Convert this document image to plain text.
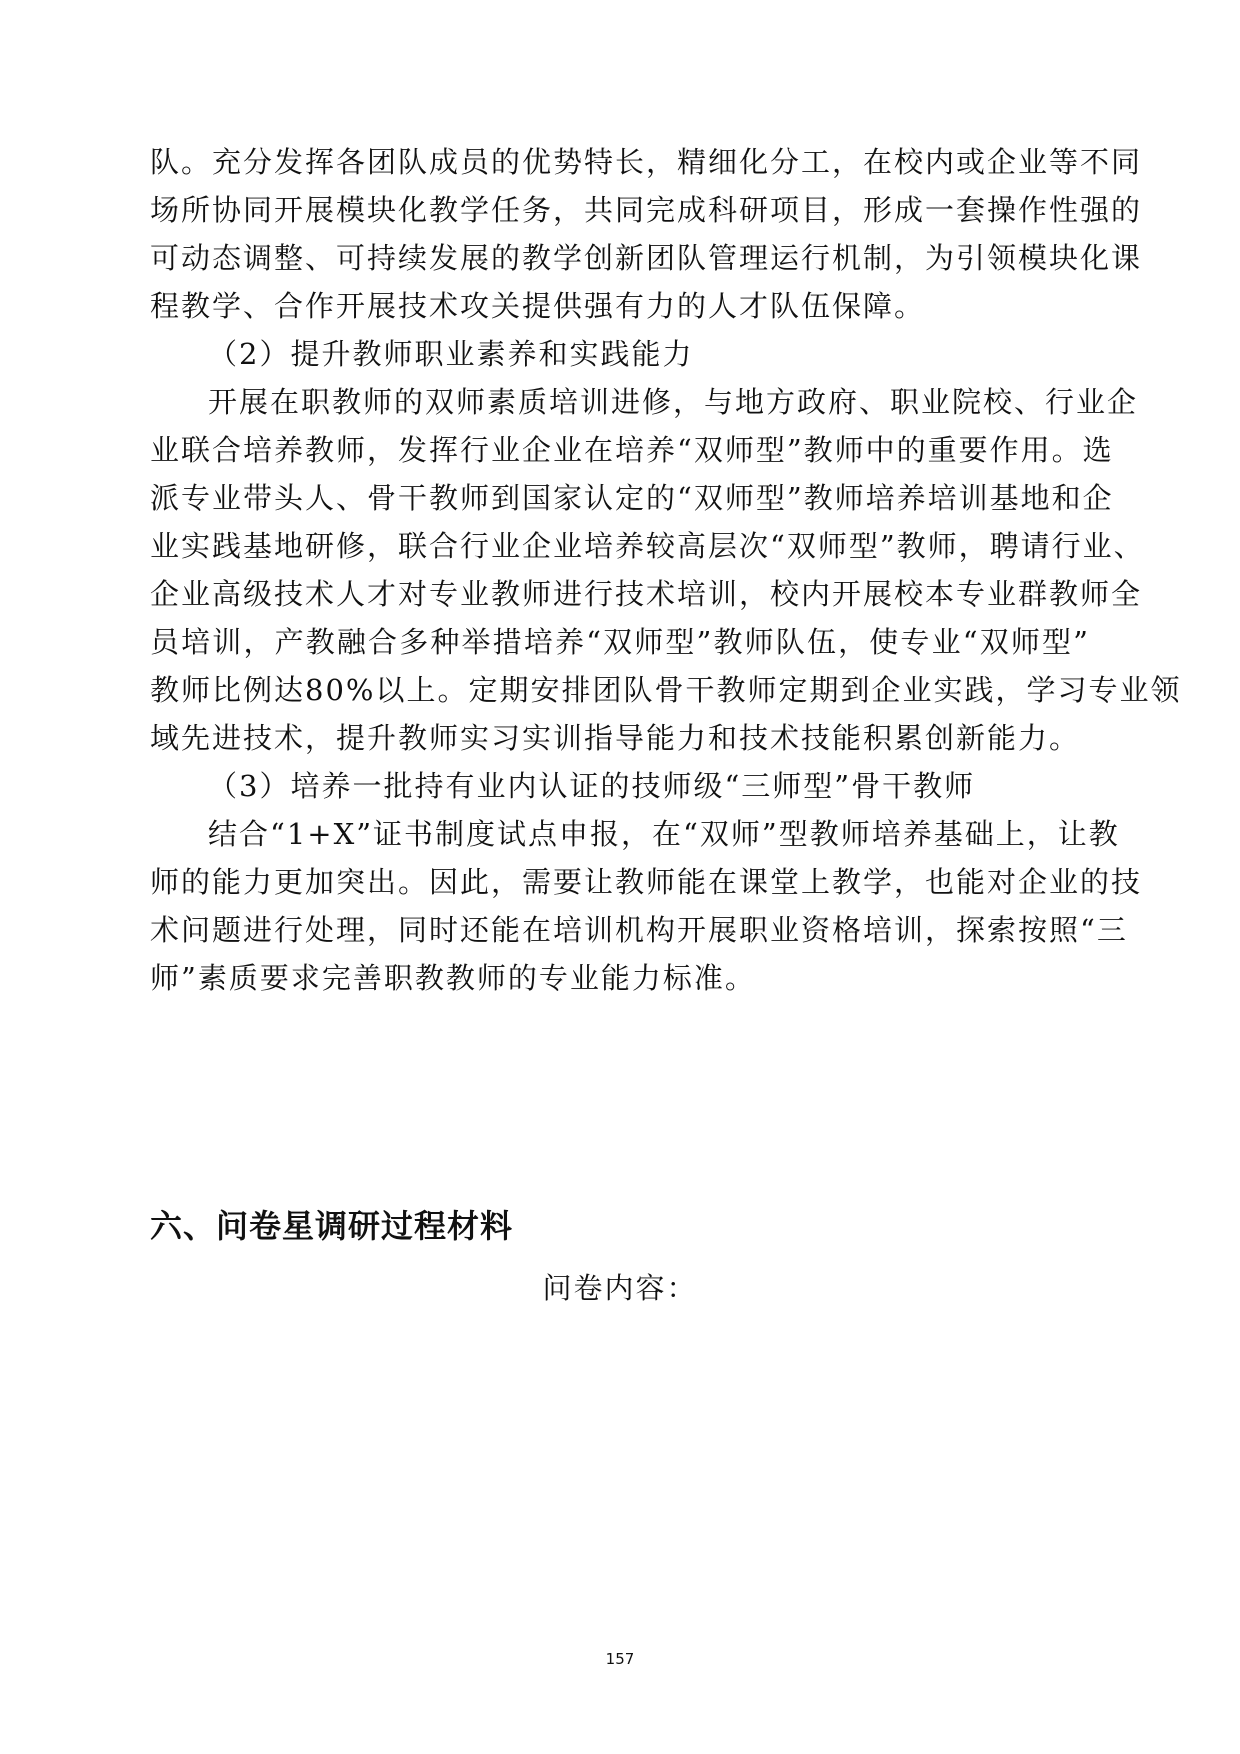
队。充分发挥各团队成员的优势特长，精细化分工，在校内或企业等不同
场所协同开展模块化教学任务，共同完成科研项目，形成一套操作性强的
可动态调整、可持续发展的教学创新团队管理运行机制，为引领模块化课
程教学、合作开展技术攻关提供强有力的人才队伍保障。
（2）提升教师职业素养和实践能力
开展在职教师的双师素质培训进修，与地方政府、职业院校、行业企
业联合培养教师，发挥行业企业在培养“双师型”教师中的重要作用。选
派专业带头人、骨干教师到国家认定的“双师型”教师培养培训基地和企
业实践基地研修，联合行业企业培养较高层次“双师型”教师，聘请行业、
企业高级技术人才对专业教师进行技术培训，校内开展校本专业群教师全
员培训，产教融合多种举措培养“双师型”教师队伍，使专业“双师型”
教师比例达80%以上。定期安排团队骨干教师定期到企业实践，学习专业领
域先进技术，提升教师实习实训指导能力和技术技能积累创新能力。
（3）培养一批持有业内认证的技师级“三师型”骨干教师
结合“1+X”证书制度试点申报，在“双师”型教师培养基础上，让教
师的能力更加突出。因此，需要让教师能在课堂上教学，也能对企业的技
术问题进行处理，同时还能在培训机构开展职业资格培训，探索按照“三
师”素质要求完善职教教师的专业能力标准。
六、问卷星调研过程材料
问卷内容：
157
